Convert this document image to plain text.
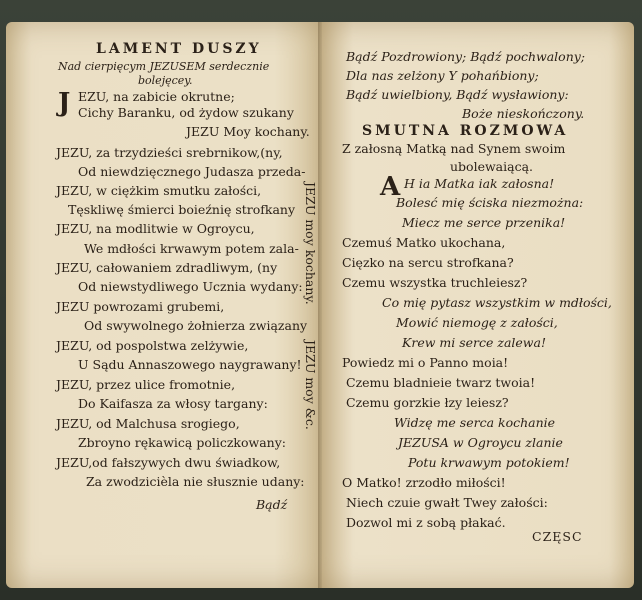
LAMENT DUSZY
Nad cierpięcym JEZUSEM serdecznie
bolejęcey.
J EZU, na zabicie okrutne;
Cichy Baranku, od żydow szukany
JEZU Moy kochany.
JEZU, za trzydzieści srebrnikow,(ny,
Od niewdzięcznego Judasza przeda-
JEZU, w ciężkim smutku załości,
Tęskliwę śmierci boieźnię strofkany
JEZU, na modlitwie w Ogroycu,
We mdłości krwawym potem zala-
JEZU, całowaniem zdradliwym, (ny
Od niewstydliwego Ucznia wydany:
JEZU powrozami grubemi,
Od swywolnego żołnierza związany
JEZU, od pospolstwa zelżywie,
U Sądu Annaszowego naygrawany!
JEZU, przez ulice fromotnie,
Do Kaifasza za włosy targany:
JEZU, od Malchusa srogiego,
Zbroyno rękawicą policzkowany:
JEZU,od fałszywych dwu świadkow,
Za zwodzicièla nie słusznie udany:
Bądź
JEZU moy kochany.
JEZU moy &c.
Bądź Pozdrowiony; Bądź pochwalony;
Dla nas zelżony Y pohańbiony;
Bądź uwielbiony, Bądź wysławiony:
Boże nieskończony.
SMUTNA ROZMOWA
Z załosną Matką nad Synem swoim
ubolewaiącą.
A H ia Matka iak załosna!
Bolesć mię ściska niezmożna:
Miecz me serce przenika!
Czemuś Matko ukochana,
Cięzko na sercu strofkana?
Czemu wszystka truchleiesz?
Co mię pytasz wszystkim w mdłości,
Mowić niemogę z załości,
Krew mi serce zalewa!
Powiedz mi o Panno moia!
Czemu bladnieie twarz twoia!
Czemu gorzkie łzy leiesz?
Widzę me serca kochanie
JEZUSA w Ogroycu zlanie
Potu krwawym potokiem!
O Matko! zrzodło miłości!
Niech czuie gwałt Twey załości:
Dozwol mi z sobą płakać.
CZĘSC
